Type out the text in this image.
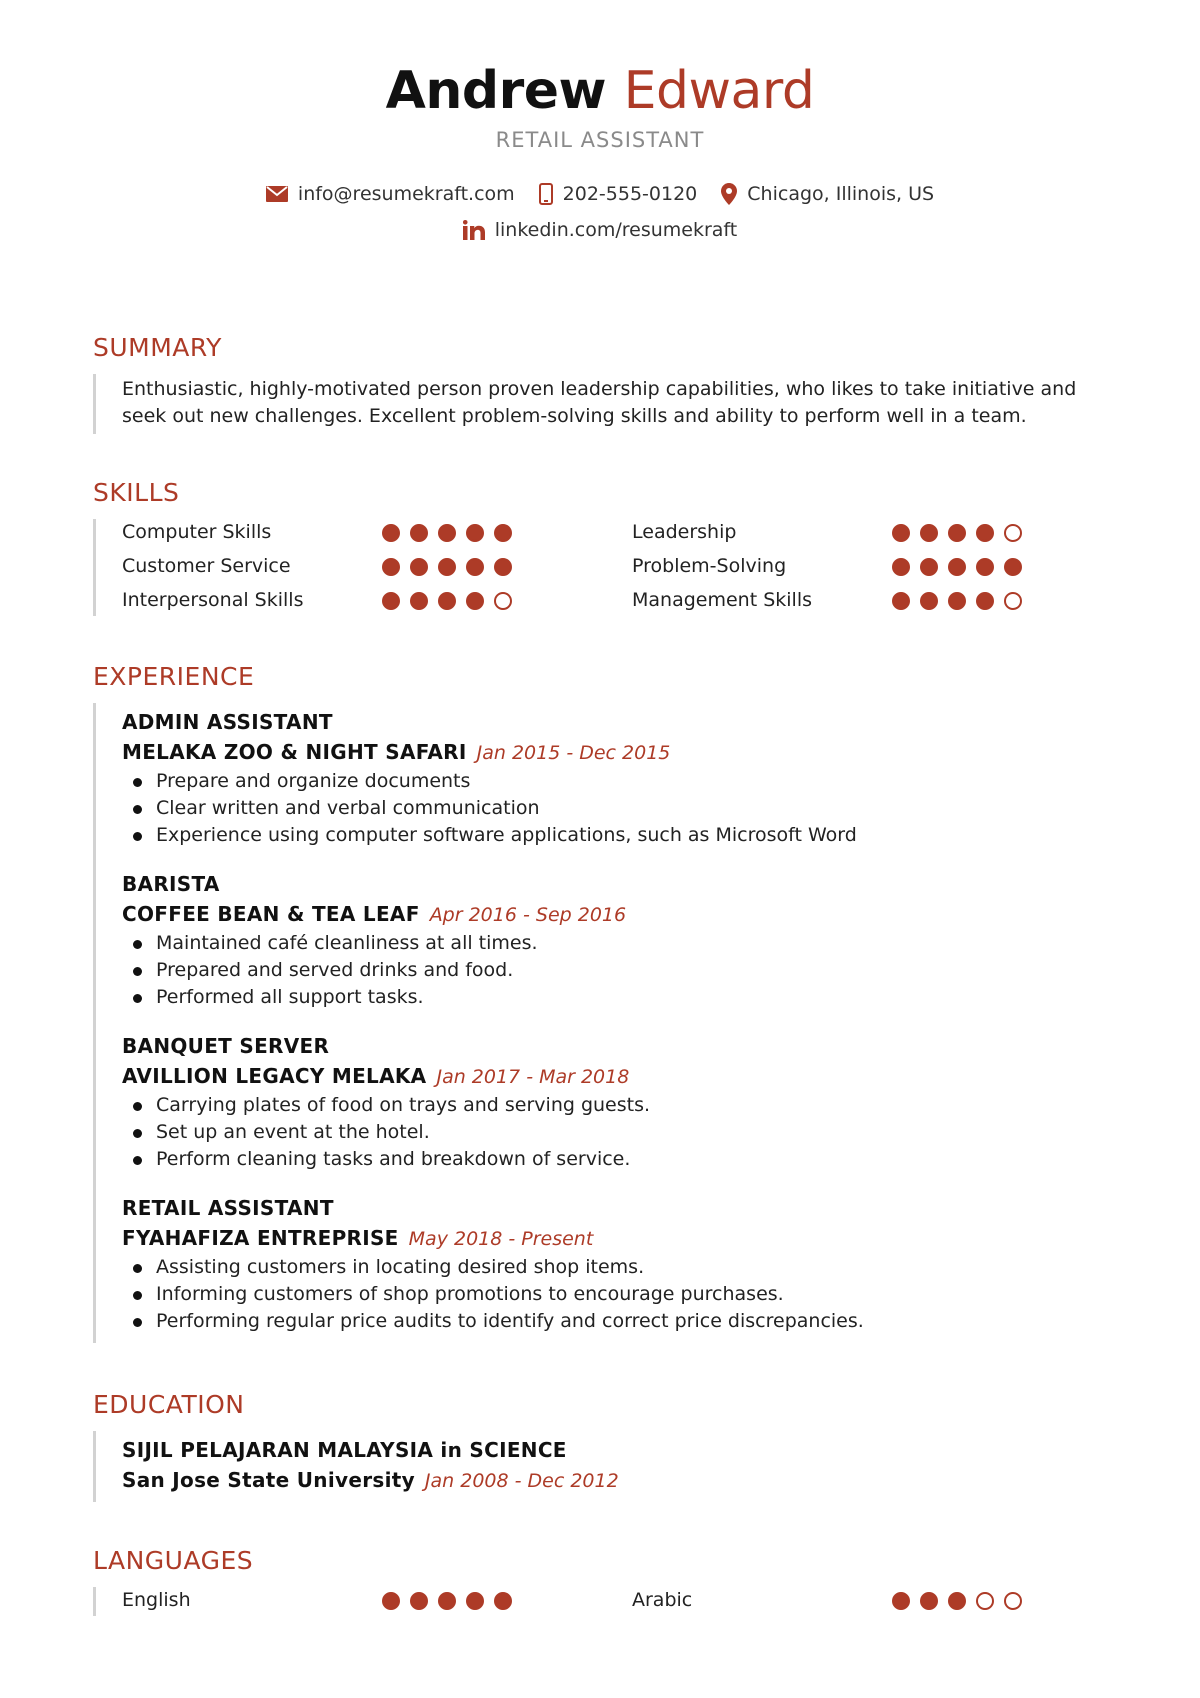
Andrew Edward
RETAIL ASSISTANT
info@resumekraft.com	202-555-0120	Chicago, Illinois, US
linkedin.com/resumekraft
SUMMARY
Enthusiastic, highly-motivated person proven leadership capabilities, who likes to take initiative and seek out new challenges. Excellent problem-solving skills and ability to perform well in a team.
SKILLS
Computer Skills	Leadership
Customer Service	Problem-Solving
Interpersonal Skills	Management Skills
EXPERIENCE
ADMIN ASSISTANT
MELAKA ZOO & NIGHT SAFARI Jan 2015 - Dec 2015
Prepare and organize documents
Clear written and verbal communication
Experience using computer software applications, such as Microsoft Word
BARISTA
COFFEE BEAN & TEA LEAF Apr 2016 - Sep 2016
Maintained café cleanliness at all times.
Prepared and served drinks and food.
Performed all support tasks.
BANQUET SERVER
AVILLION LEGACY MELAKA Jan 2017 - Mar 2018
Carrying plates of food on trays and serving guests.
Set up an event at the hotel.
Perform cleaning tasks and breakdown of service.
RETAIL ASSISTANT
FYAHAFIZA ENTREPRISE May 2018 - Present
Assisting customers in locating desired shop items.
Informing customers of shop promotions to encourage purchases.
Performing regular price audits to identify and correct price discrepancies.
EDUCATION
SIJIL PELAJARAN MALAYSIA in SCIENCE
San Jose State University Jan 2008 - Dec 2012
LANGUAGES
English	Arabic
